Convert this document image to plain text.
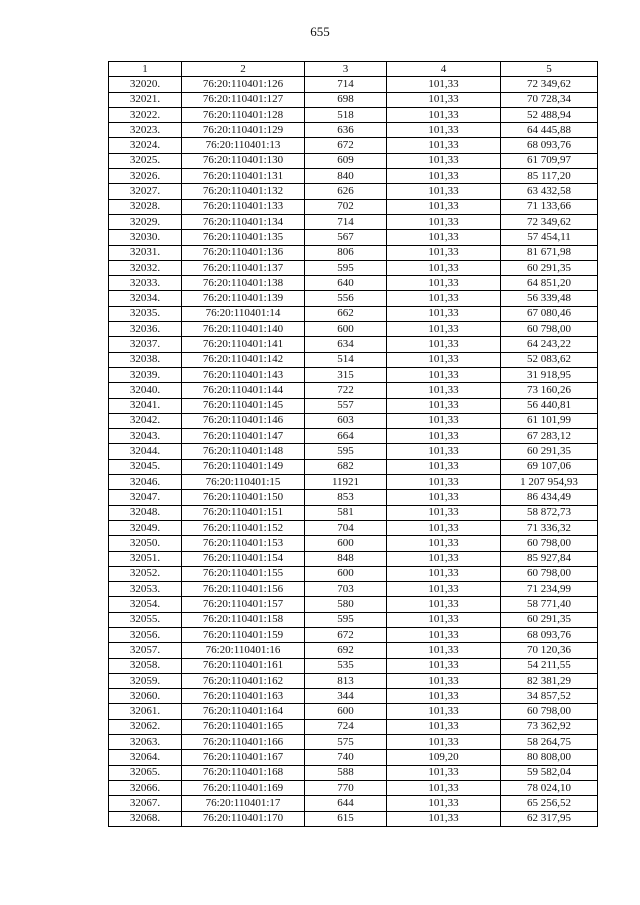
655
1	2	3	4	5
32020.	76:20:110401:126	714	101,33	72 349,62
32021.	76:20:110401:127	698	101,33	70 728,34
32022.	76:20:110401:128	518	101,33	52 488,94
32023.	76:20:110401:129	636	101,33	64 445,88
32024.	76:20:110401:13	672	101,33	68 093,76
32025.	76:20:110401:130	609	101,33	61 709,97
32026.	76:20:110401:131	840	101,33	85 117,20
32027.	76:20:110401:132	626	101,33	63 432,58
32028.	76:20:110401:133	702	101,33	71 133,66
32029.	76:20:110401:134	714	101,33	72 349,62
32030.	76:20:110401:135	567	101,33	57 454,11
32031.	76:20:110401:136	806	101,33	81 671,98
32032.	76:20:110401:137	595	101,33	60 291,35
32033.	76:20:110401:138	640	101,33	64 851,20
32034.	76:20:110401:139	556	101,33	56 339,48
32035.	76:20:110401:14	662	101,33	67 080,46
32036.	76:20:110401:140	600	101,33	60 798,00
32037.	76:20:110401:141	634	101,33	64 243,22
32038.	76:20:110401:142	514	101,33	52 083,62
32039.	76:20:110401:143	315	101,33	31 918,95
32040.	76:20:110401:144	722	101,33	73 160,26
32041.	76:20:110401:145	557	101,33	56 440,81
32042.	76:20:110401:146	603	101,33	61 101,99
32043.	76:20:110401:147	664	101,33	67 283,12
32044.	76:20:110401:148	595	101,33	60 291,35
32045.	76:20:110401:149	682	101,33	69 107,06
32046.	76:20:110401:15	11921	101,33	1 207 954,93
32047.	76:20:110401:150	853	101,33	86 434,49
32048.	76:20:110401:151	581	101,33	58 872,73
32049.	76:20:110401:152	704	101,33	71 336,32
32050.	76:20:110401:153	600	101,33	60 798,00
32051.	76:20:110401:154	848	101,33	85 927,84
32052.	76:20:110401:155	600	101,33	60 798,00
32053.	76:20:110401:156	703	101,33	71 234,99
32054.	76:20:110401:157	580	101,33	58 771,40
32055.	76:20:110401:158	595	101,33	60 291,35
32056.	76:20:110401:159	672	101,33	68 093,76
32057.	76:20:110401:16	692	101,33	70 120,36
32058.	76:20:110401:161	535	101,33	54 211,55
32059.	76:20:110401:162	813	101,33	82 381,29
32060.	76:20:110401:163	344	101,33	34 857,52
32061.	76:20:110401:164	600	101,33	60 798,00
32062.	76:20:110401:165	724	101,33	73 362,92
32063.	76:20:110401:166	575	101,33	58 264,75
32064.	76:20:110401:167	740	109,20	80 808,00
32065.	76:20:110401:168	588	101,33	59 582,04
32066.	76:20:110401:169	770	101,33	78 024,10
32067.	76:20:110401:17	644	101,33	65 256,52
32068.	76:20:110401:170	615	101,33	62 317,95
